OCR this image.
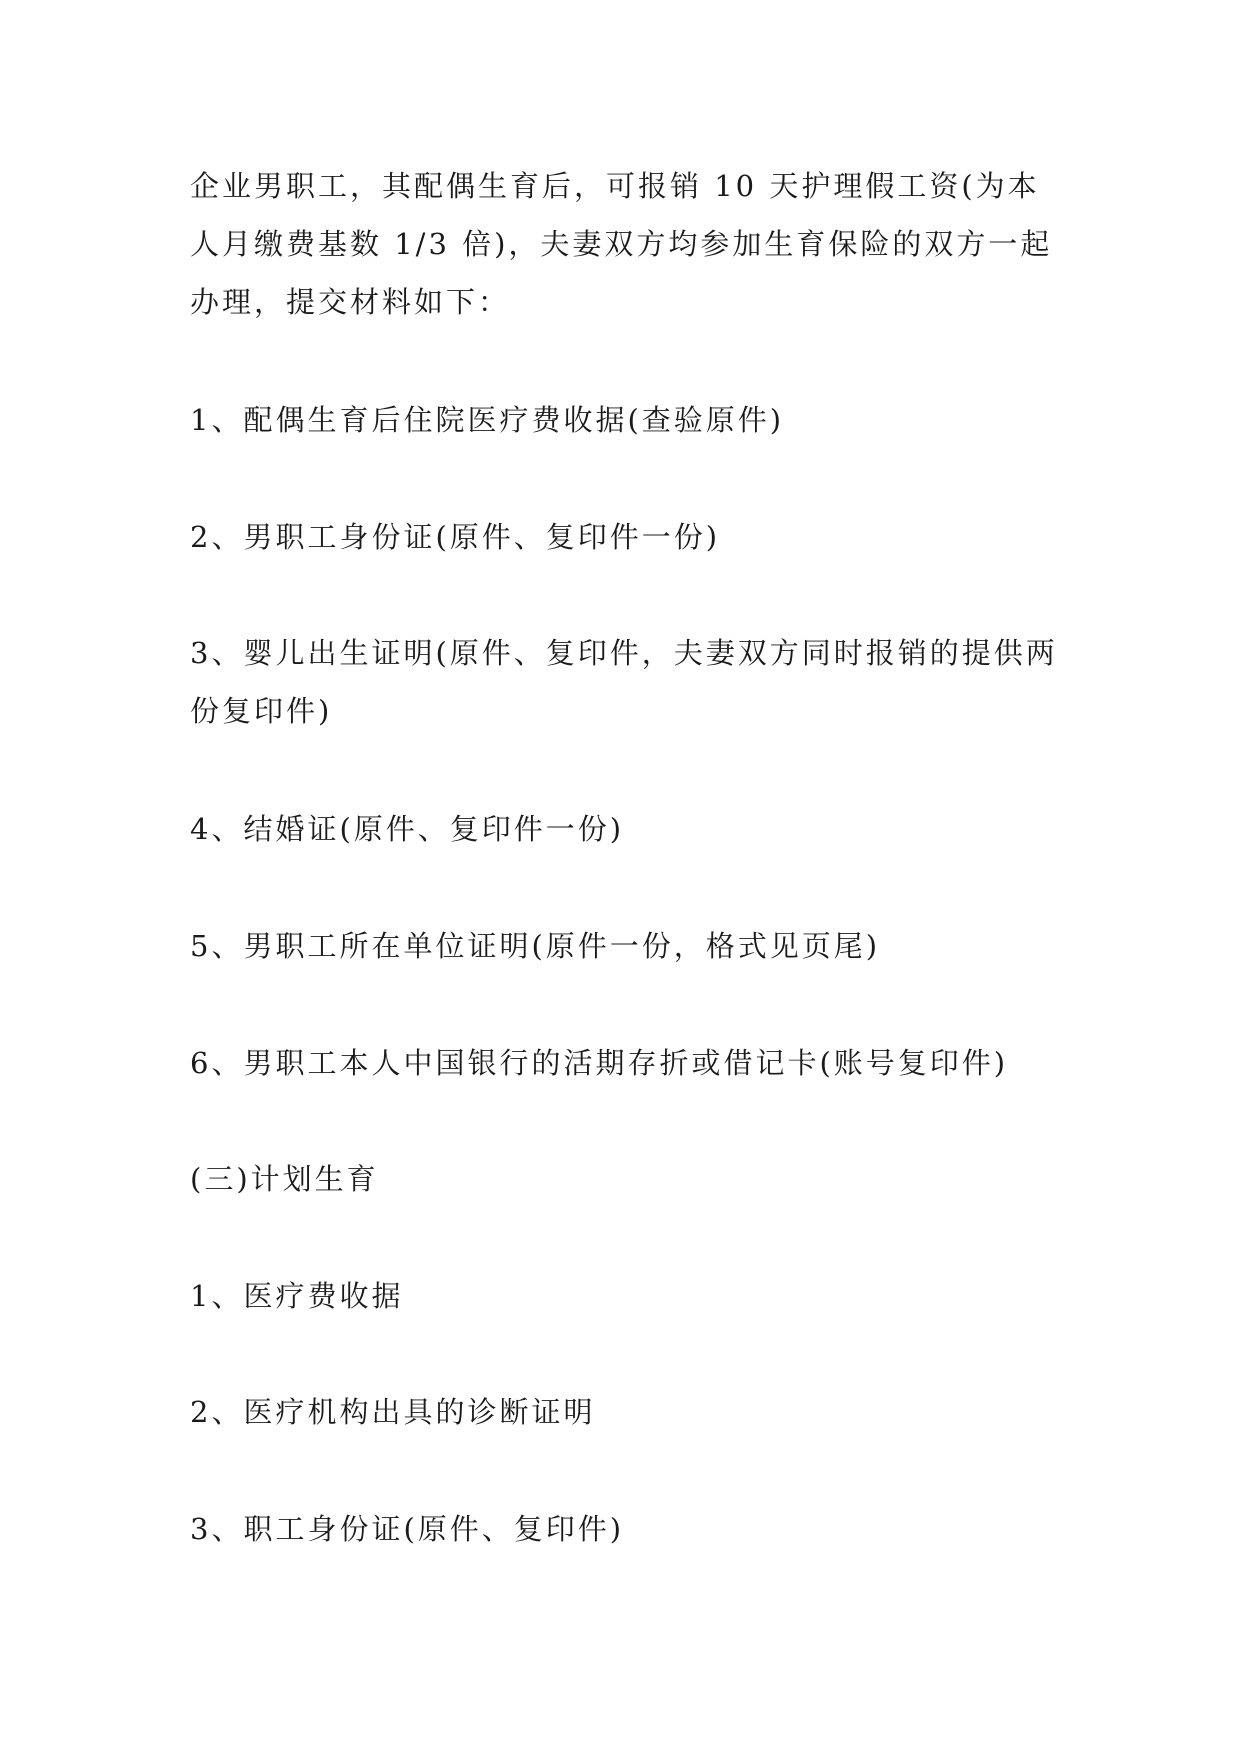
企业男职工，其配偶生育后，可报销 10 天护理假工资(为本人月缴费基数 1/3 倍)，夫妻双方均参加生育保险的双方一起办理，提交材料如下：

1、配偶生育后住院医疗费收据(查验原件)

2、男职工身份证(原件、复印件一份)

3、婴儿出生证明(原件、复印件，夫妻双方同时报销的提供两份复印件)

4、结婚证(原件、复印件一份)

5、男职工所在单位证明(原件一份，格式见页尾)

6、男职工本人中国银行的活期存折或借记卡(账号复印件)

(三)计划生育

1、医疗费收据

2、医疗机构出具的诊断证明

3、职工身份证(原件、复印件)
